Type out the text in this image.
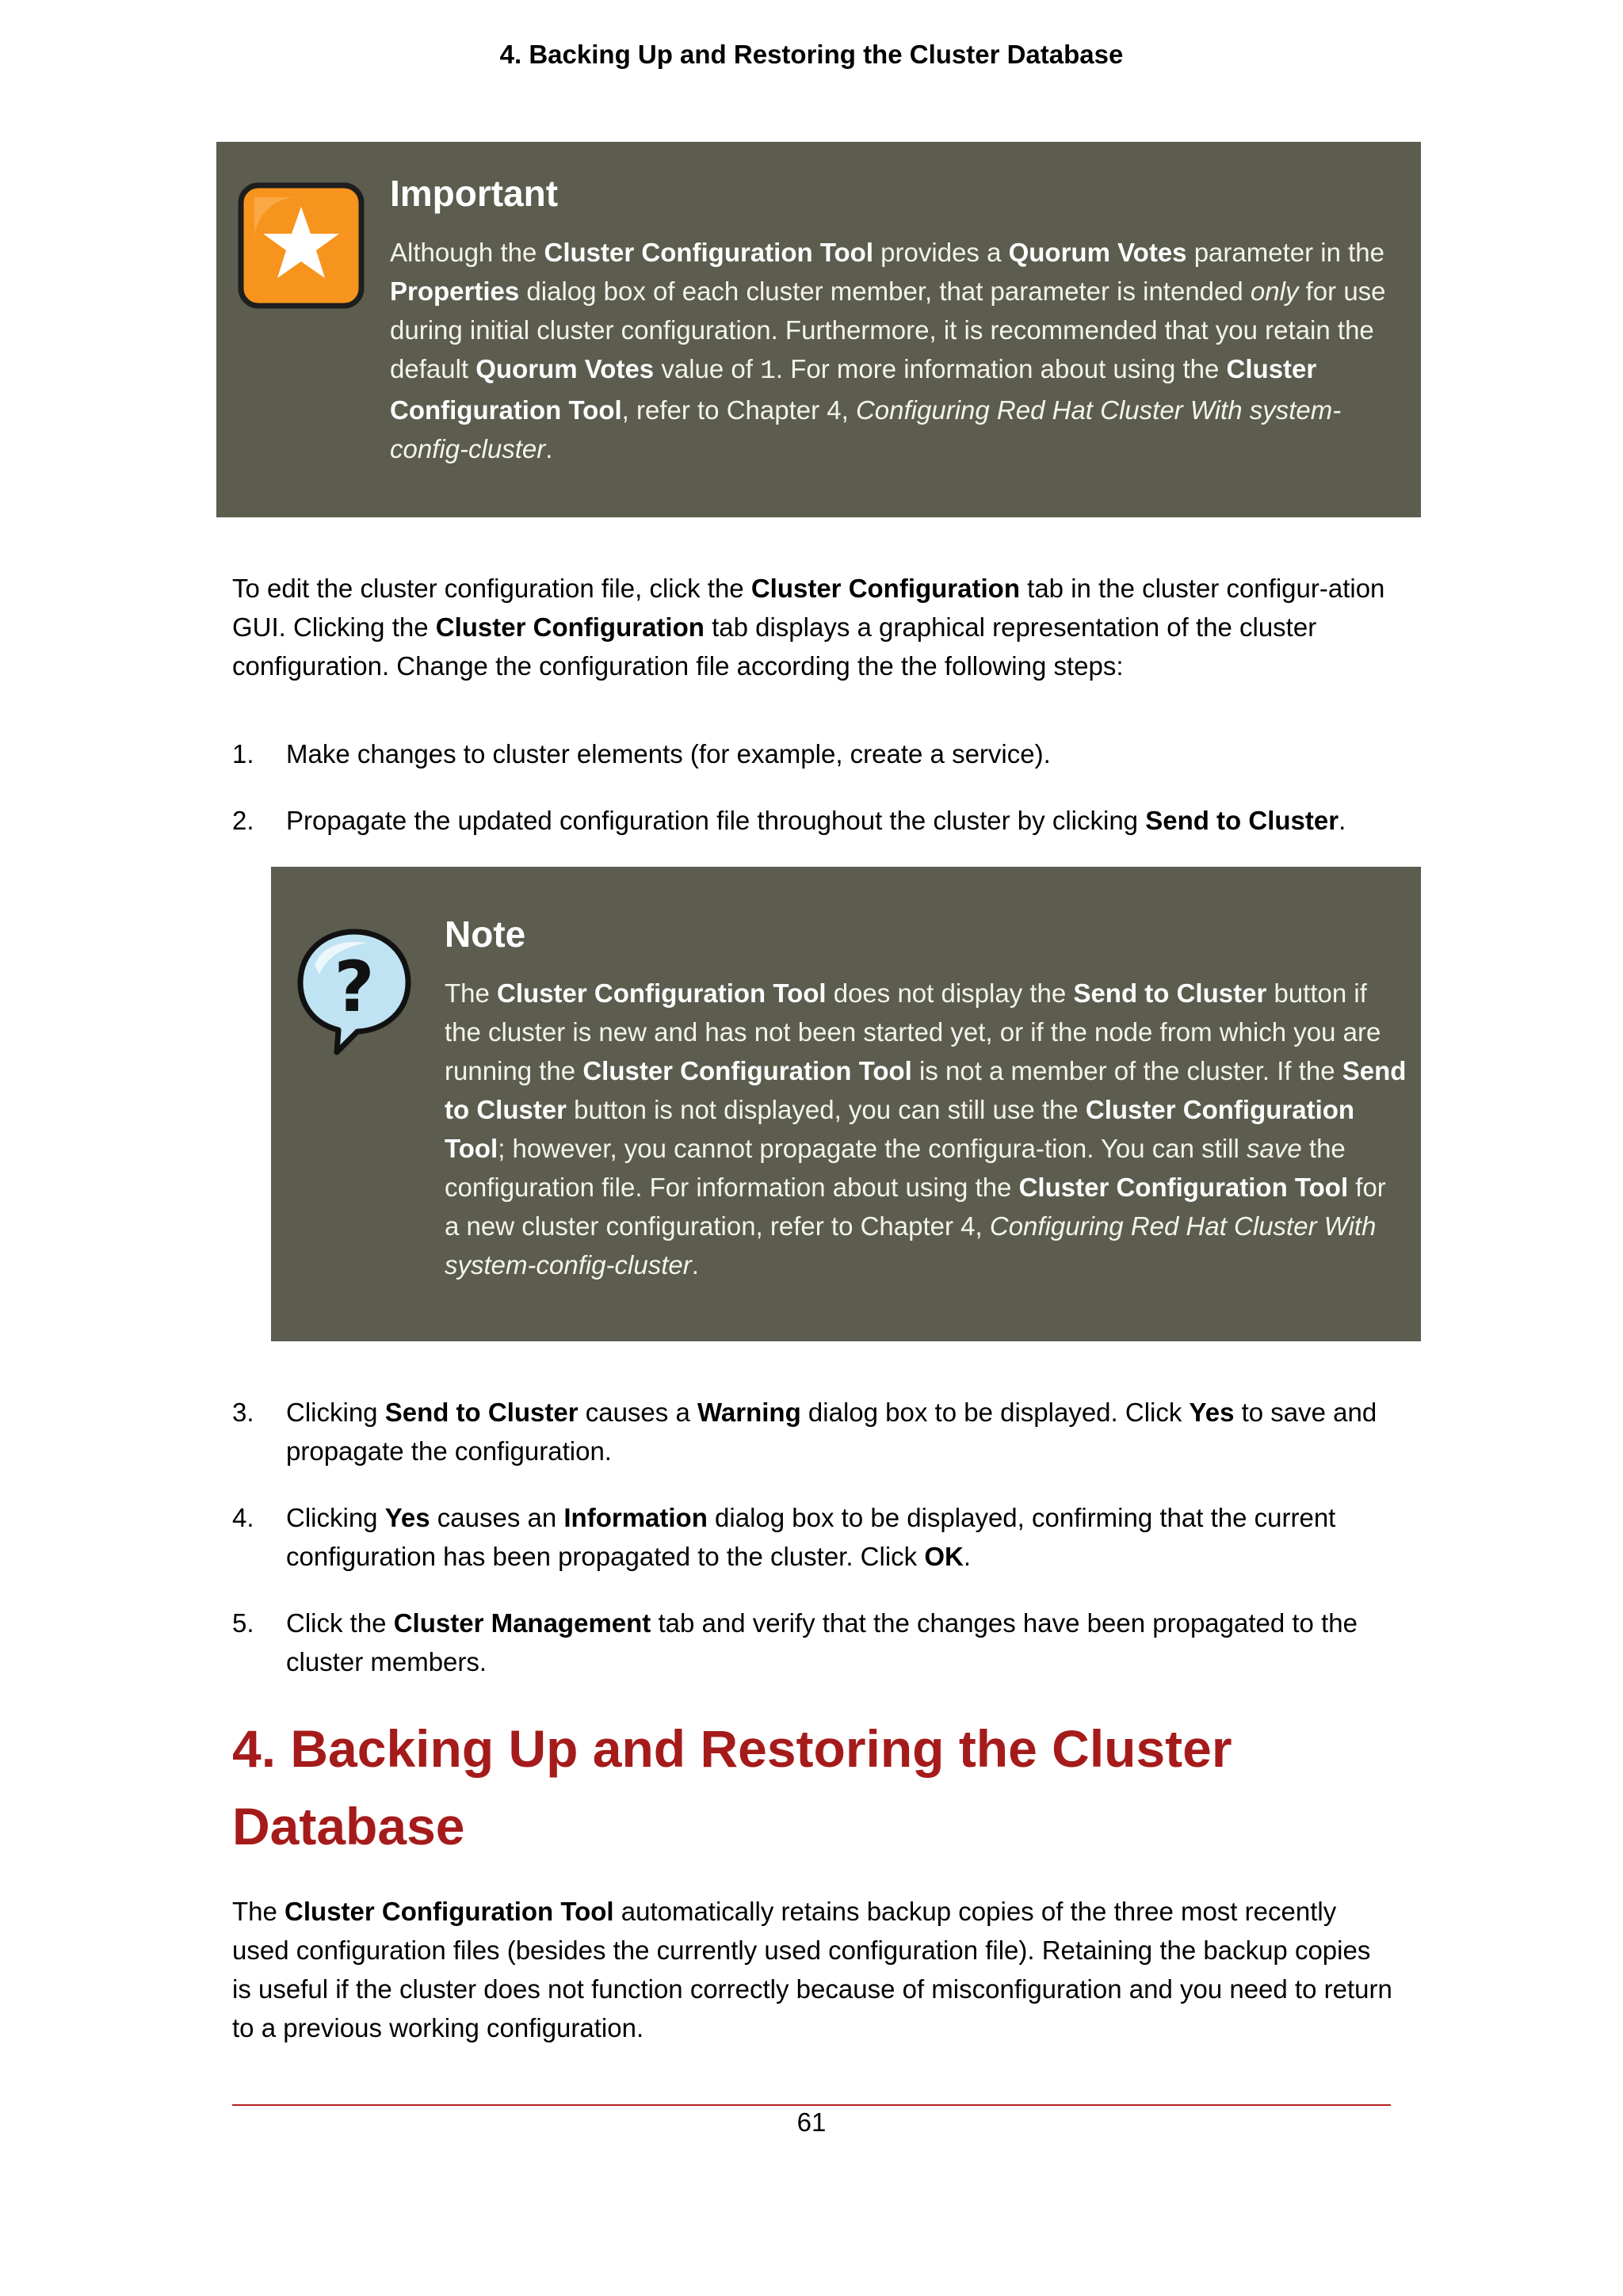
4. Backing Up and Restoring the Cluster Database
Important
Although the Cluster Configuration Tool provides a Quorum Votes parameter in the Properties dialog box of each cluster member, that parameter is intended only for use during initial cluster configuration. Furthermore, it is recommended that you retain the default Quorum Votes value of 1. For more information about using the Cluster Configuration Tool, refer to Chapter 4, Configuring Red Hat Cluster With system-config-cluster.
To edit the cluster configuration file, click the Cluster Configuration tab in the cluster configur-ation GUI. Clicking the Cluster Configuration tab displays a graphical representation of the cluster configuration. Change the configuration file according the the following steps:
1. Make changes to cluster elements (for example, create a service).
2. Propagate the updated configuration file throughout the cluster by clicking Send to Cluster.
?
Note
The Cluster Configuration Tool does not display the Send to Cluster button if the cluster is new and has not been started yet, or if the node from which you are running the Cluster Configuration Tool is not a member of the cluster. If the Send to Cluster button is not displayed, you can still use the Cluster Configuration Tool; however, you cannot propagate the configura-tion. You can still save the configuration file. For information about using the Cluster Configuration Tool for a new cluster configuration, refer to Chapter 4, Configuring Red Hat Cluster With system-config-cluster.
3. Clicking Send to Cluster causes a Warning dialog box to be displayed. Click Yes to save and propagate the configuration.
4. Clicking Yes causes an Information dialog box to be displayed, confirming that the current configuration has been propagated to the cluster. Click OK.
5. Click the Cluster Management tab and verify that the changes have been propagated to the cluster members.
4. Backing Up and Restoring the Cluster Database
The Cluster Configuration Tool automatically retains backup copies of the three most recently used configuration files (besides the currently used configuration file). Retaining the backup copies is useful if the cluster does not function correctly because of misconfiguration and you need to return to a previous working configuration.
61
